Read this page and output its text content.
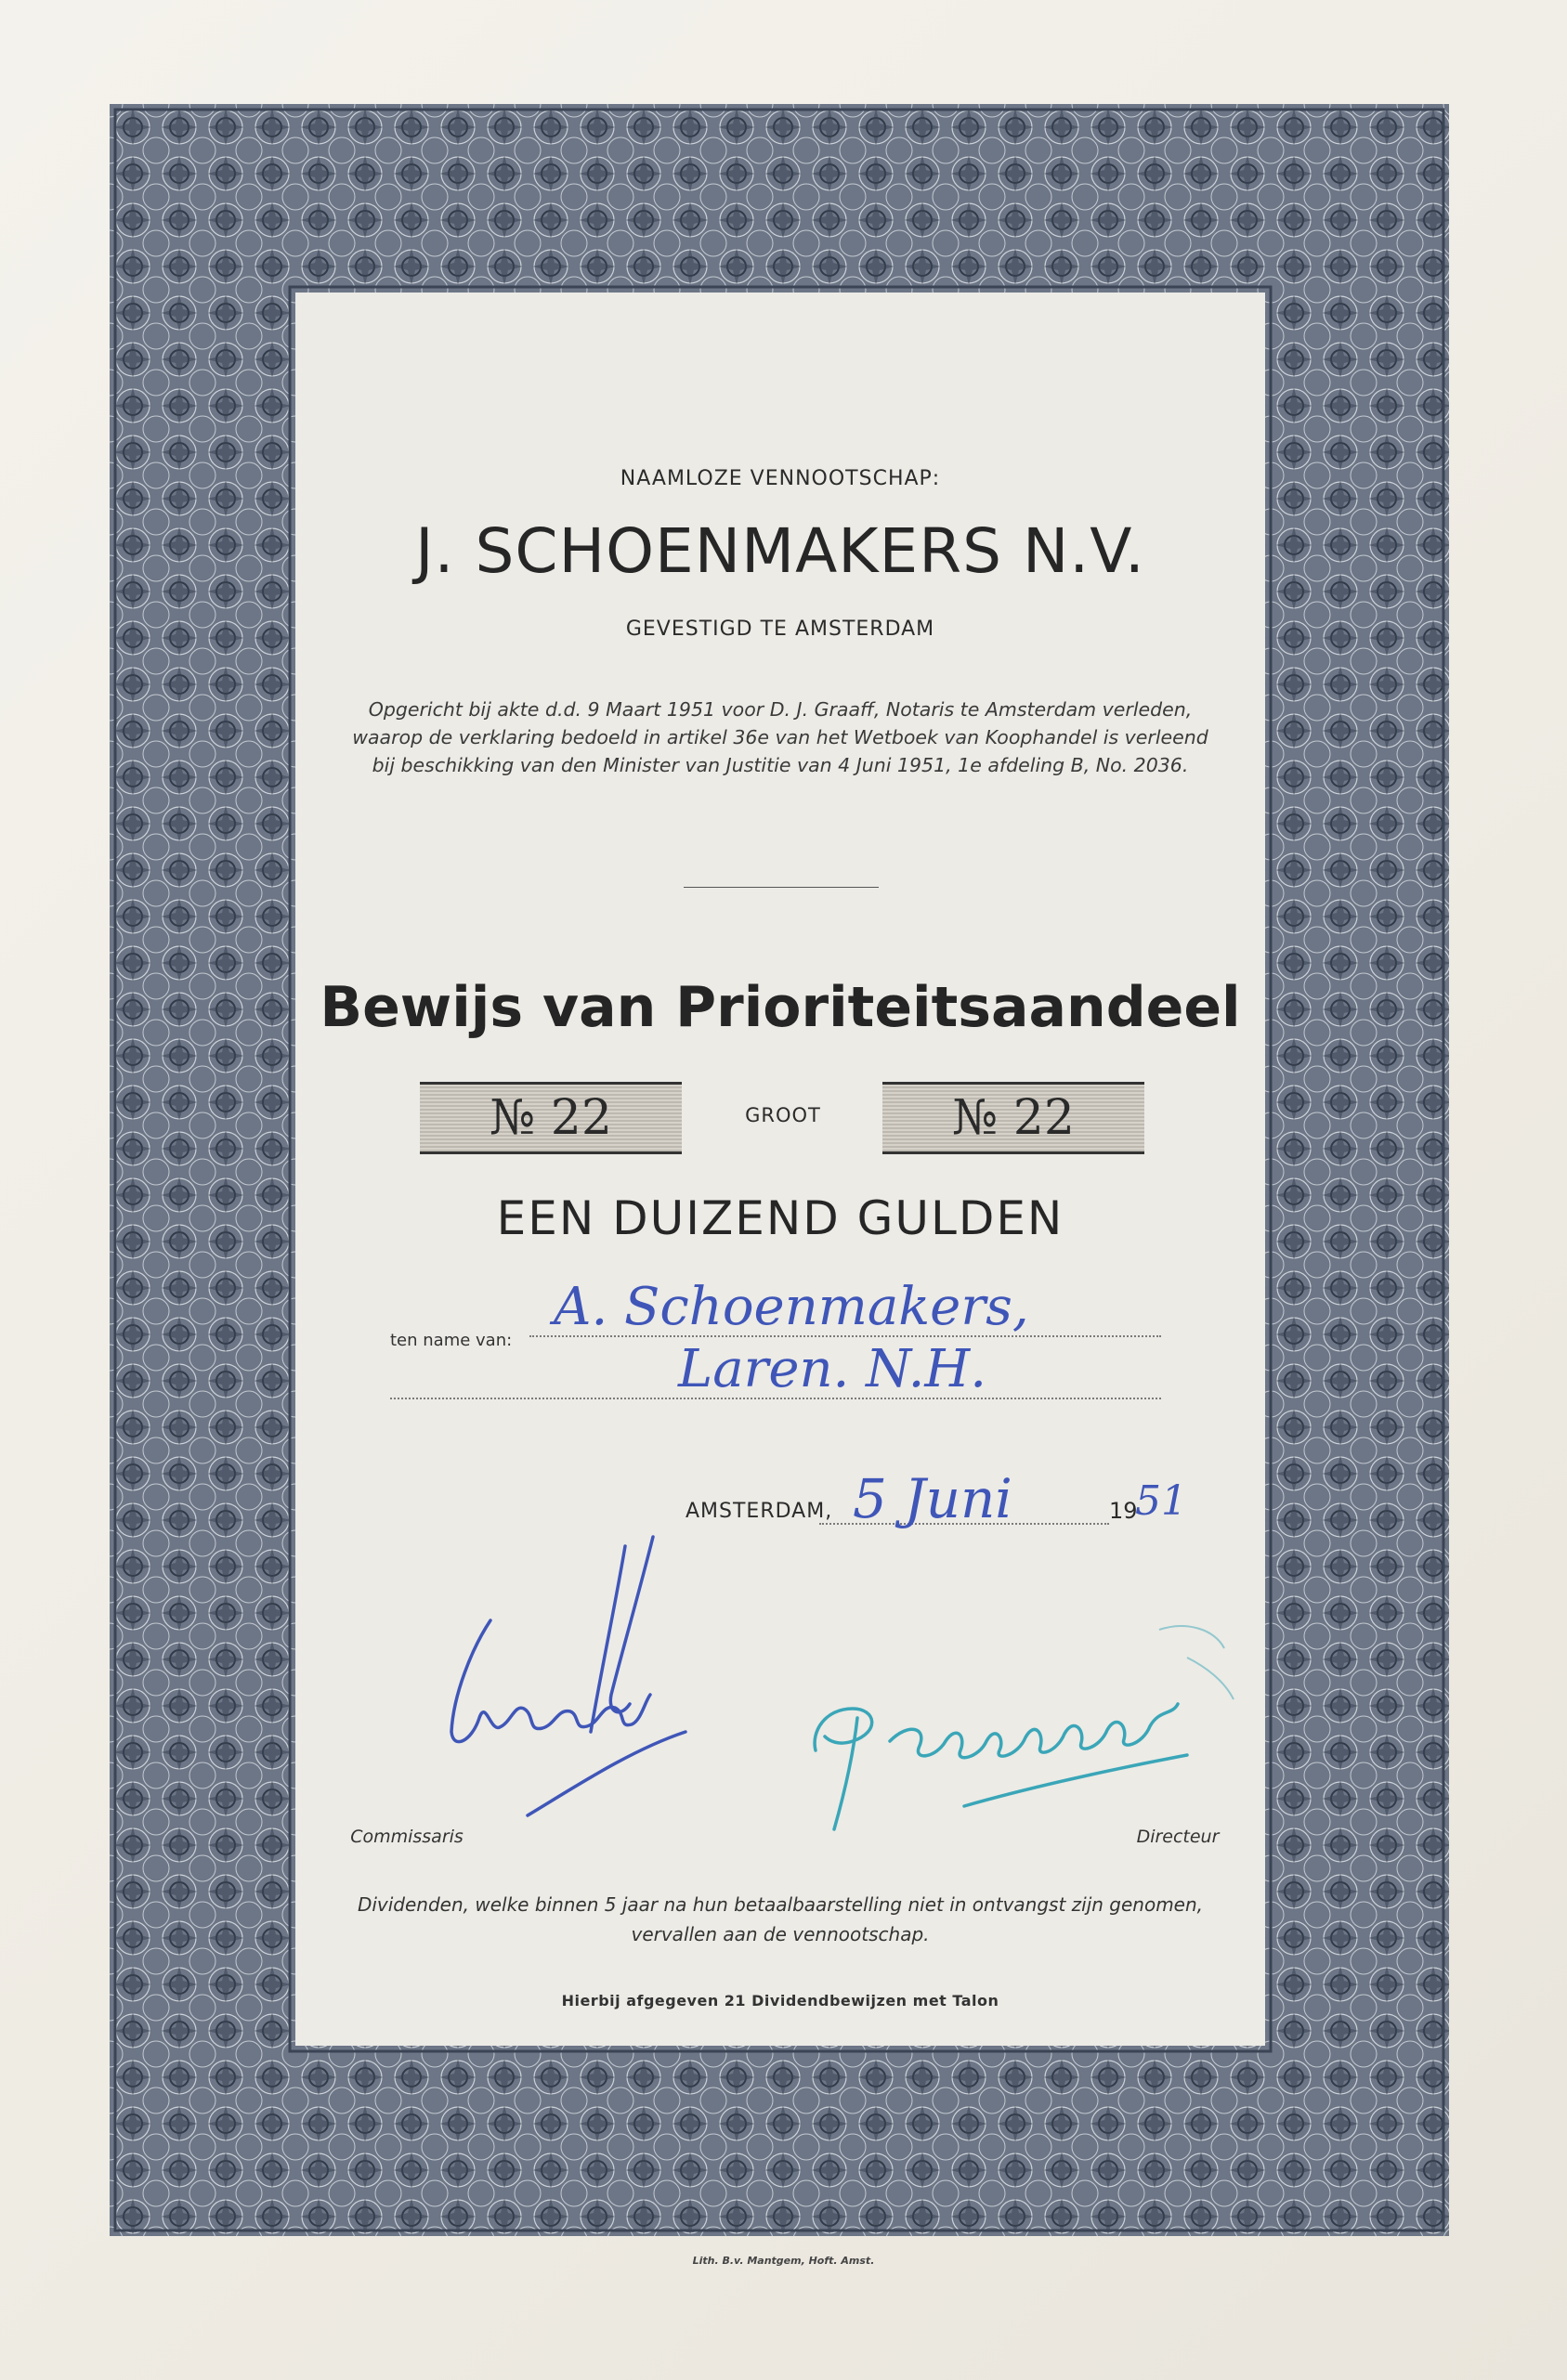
NAAMLOZE VENNOOTSCHAP:
J. SCHOENMAKERS N.V.
GEVESTIGD TE AMSTERDAM
Opgericht bij akte d.d. 9 Maart 1951 voor D. J. Graaff, Notaris te Amsterdam verleden, waarop de verklaring bedoeld in artikel 36e van het Wetboek van Koophandel is verleend bij beschikking van den Minister van Justitie van 4 Juni 1951, 1e afdeling B, No. 2036.
Bewijs van Prioriteitsaandeel
№ 22	GROOT	№ 22
EEN DUIZEND GULDEN
ten name van:
A. Schoenmakers,
Laren. N.H.
AMSTERDAM, 5 Juni	19
51
Commissaris	Directeur
Dividenden, welke binnen 5 jaar na hun betaalbaarstelling niet in ontvangst zijn genomen, vervallen aan de vennootschap.
Hierbij afgegeven 21 Dividendbewijzen met Talon
Lith. B.v. Mantgem, Hoft. Amst.
